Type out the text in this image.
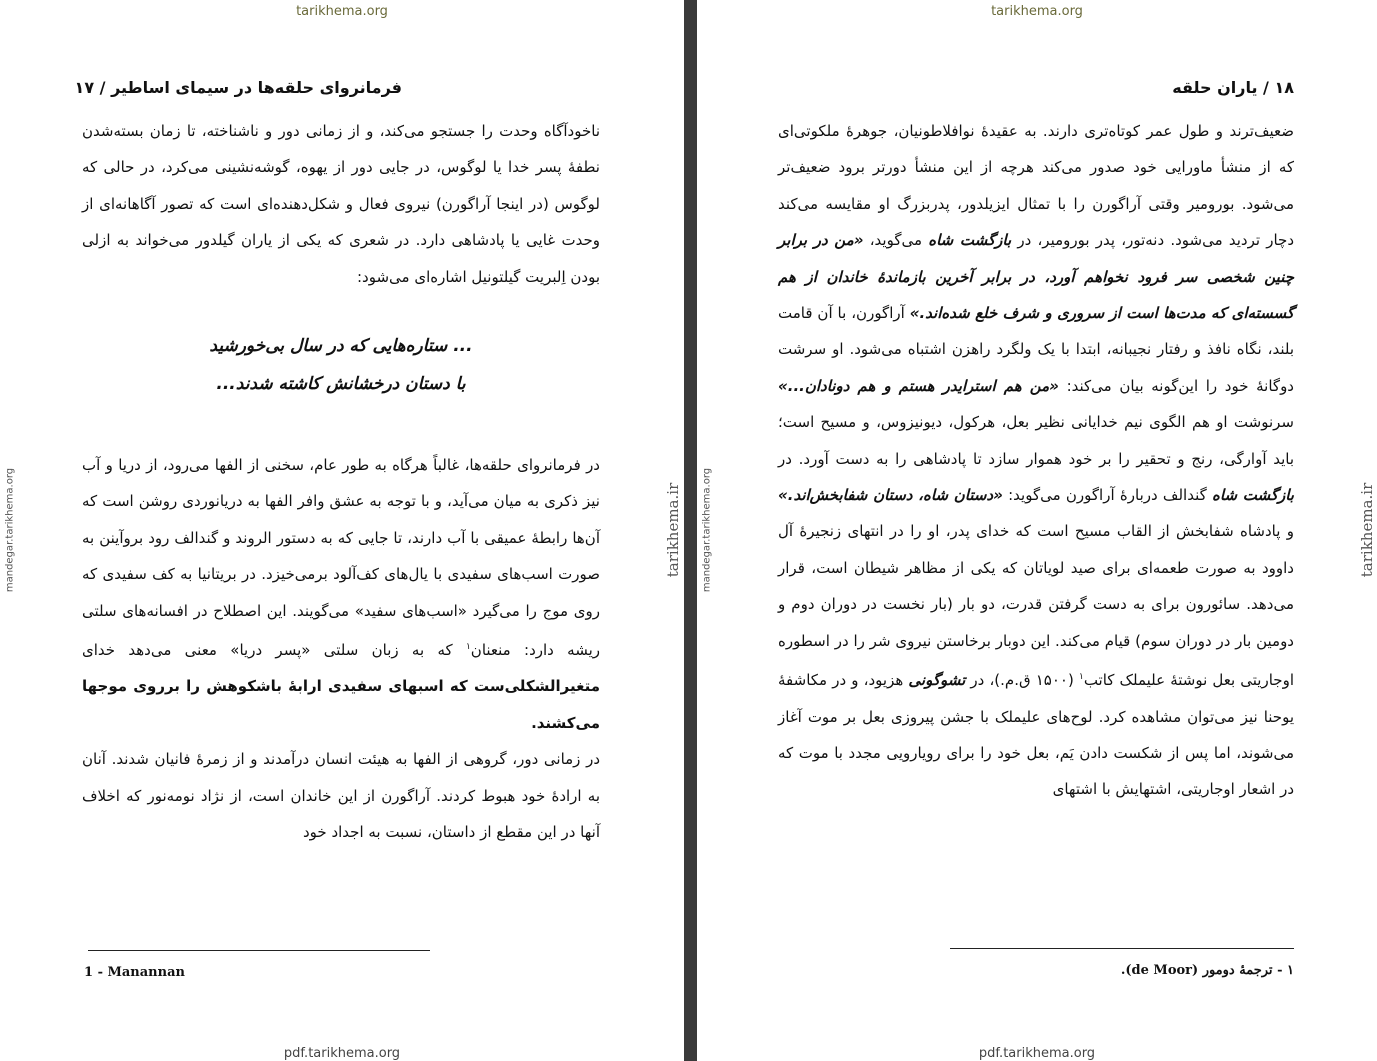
tarikhema.org
mandegar.tarikhema.org	tarikhema.ir
فرمانروای حلقه‌ها در سیمای اساطیر / ۱۷

ناخودآگاه وحدت را جستجو می‌کند، و از زمانی دور و ناشناخته، تا زمان بسته‌شدن نطفهٔ پسر خدا یا لوگوس، در جایی دور از یهوه، گوشه‌نشینی می‌کرد، در حالی که لوگوس (در اینجا آراگورن) نیروی فعال و شکل‌دهنده‌ای است که تصور آگاهانه‌ای از وحدت غایی یا پادشاهی دارد. در شعری که یکی از یاران گیلدور می‌خواند به ازلی بودن اِلبریت گیلتونیل اشاره‌ای می‌شود:

... ستاره‌هایی که در سال بی‌خورشید
با دستان درخشانش کاشته شدند...

در فرمانروای حلقه‌ها، غالباً هرگاه به طور عام، سخنی از الفها می‌رود، از دریا و آب نیز ذکری به میان می‌آید، و با توجه به عشق وافر الفها به دریانوردی روشن است که آن‌ها رابطهٔ عمیقی با آب دارند، تا جایی که به دستور الروند و گندالف رود بروآینن به صورت اسب‌های سفیدی با یال‌های کف‌آلود برمی‌خیزد. در بریتانیا به کف سفیدی که روی موج را می‌گیرد «اسب‌های سفید» می‌گویند. این اصطلاح در افسانه‌های سلتی ریشه دارد: منعنان$^۱$ که به زبان سلتی «پسر دریا» معنی می‌دهد خدای متغیرالشکلی‌ست که اسبهای سفیدی ارابهٔ باشکوهش را برروی موجها می‌کشند.

در زمانی دور، گروهی از الفها به هیئت انسان درآمدند و از زمرهٔ فانیان شدند. آنان به ارادهٔ خود هبوط کردند. آراگورن از این خاندان است، از نژاد نومه‌نور که اخلاف آنها در این مقطع از داستان، نسبت به اجداد خود

1 - Manannan
pdf.tarikhema.org
tarikhema.org
mandegar.tarikhema.org	tarikhema.ir
۱۸ / یاران حلقه

ضعیف‌ترند و طول عمر کوتاه‌تری دارند. به عقیدهٔ نوافلاطونیان، جوهرهٔ ملکوتی‌ای که از منشأ ماورایی خود صدور می‌کند هرچه از این منشأ دورتر برود ضعیف‌تر می‌شود. بورومیر وقتی آراگورن را با تمثال ایزیلدور، پدربزرگ او مقایسه می‌کند دچار تردید می‌شود. دنه‌تور، پدر بورومیر، در بازگشت شاه می‌گوید، «من در برابر چنین شخصی سر فرود نخواهم آورد، در برابر آخرین بازماندهٔ خاندان از هم گسسته‌ای که مدت‌ها است از سروری و شرف خلع شده‌اند.» آراگورن، با آن قامت بلند، نگاه نافذ و رفتار نجیبانه، ابتدا با یک ولگرد راهزن اشتباه می‌شود. او سرشت دوگانهٔ خود را این‌گونه بیان می‌کند: «من هم استرایدر هستم و هم دونادان...» سرنوشت او هم الگوی نیم خدایانی نظیر بعل، هرکول، دیونیزوس، و مسیح است؛ باید آوارگی، رنج و تحقیر را بر خود هموار سازد تا پادشاهی را به دست آورد. در بازگشت شاه گندالف دربارهٔ آراگورن می‌گوید: «دستان شاه، دستان شفابخش‌اند.» و پادشاه شفابخش از القاب مسیح است که خدای پدر، او را در انتهای زنجیرهٔ آل داوود به صورت طعمه‌ای برای صید لویاتان که یکی از مظاهر شیطان است، قرار می‌دهد. سائورون برای به دست گرفتن قدرت، دو بار (بار نخست در دوران دوم و دومین بار در دوران سوم) قیام می‌کند. این دوبار برخاستن نیروی شر را در اسطوره اوجاریتی بعل نوشتهٔ علیملک کاتب$^۱$ (۱۵۰۰ ق.م.)، در تشوگونی هزیود، و در مکاشفهٔ یوحنا نیز می‌توان مشاهده کرد. لوح‌های علیملک با جشن پیروزی بعل بر موت آغاز می‌شوند، اما پس از شکست دادن یَم، بعل خود را برای رویارویی مجدد با موت که در اشعار اوجاریتی، اشتهایش با اشتهای

۱ - ترجمهٔ دومور (de Moor).
pdf.tarikhema.org
